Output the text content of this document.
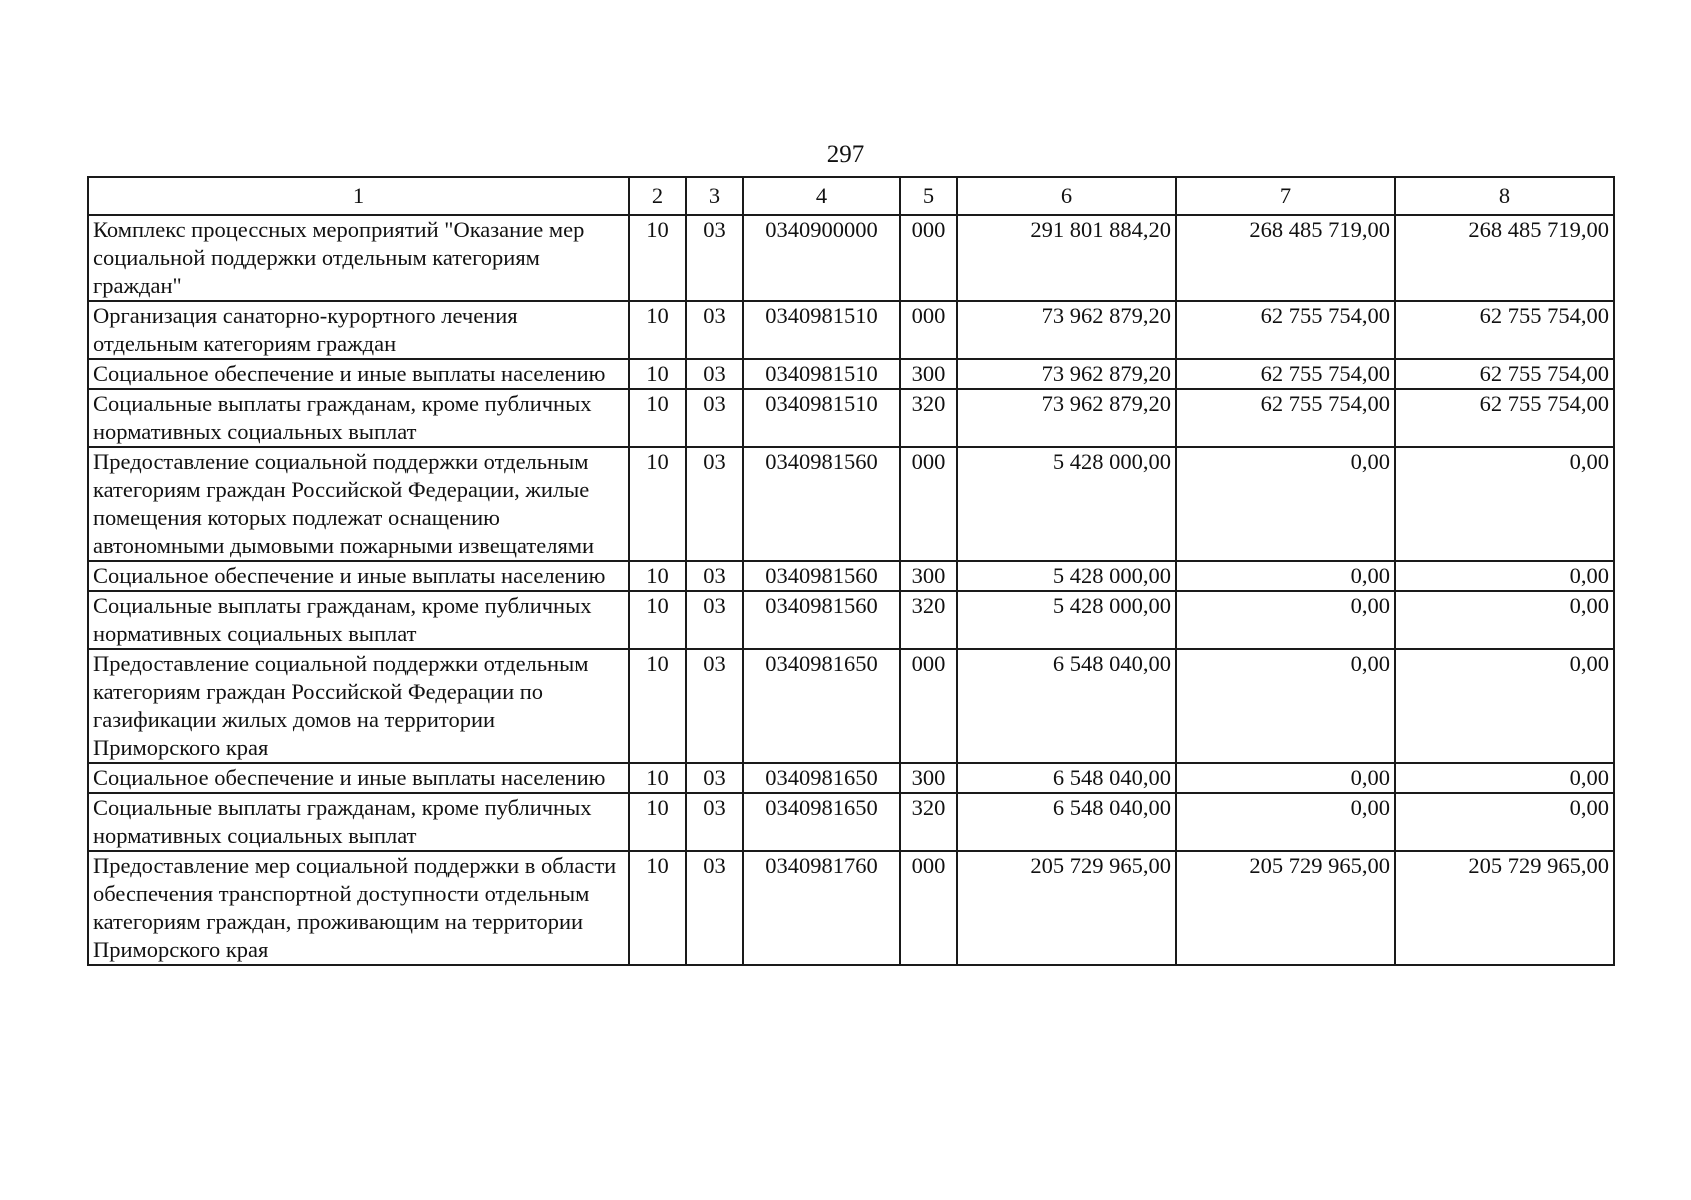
297
1	2	3	4	5	6	7	8
Комплекс процессных мероприятий "Оказание мер социальной поддержки отдельным категориям граждан"	10	03	0340900000	000	291 801 884,20	268 485 719,00	268 485 719,00
Организация санаторно-курортного лечения отдельным категориям граждан	10	03	0340981510	000	73 962 879,20	62 755 754,00	62 755 754,00
Социальное обеспечение и иные выплаты населению	10	03	0340981510	300	73 962 879,20	62 755 754,00	62 755 754,00
Социальные выплаты гражданам, кроме публичных нормативных социальных выплат	10	03	0340981510	320	73 962 879,20	62 755 754,00	62 755 754,00
Предоставление социальной поддержки отдельным категориям граждан Российской Федерации, жилые помещения которых подлежат оснащению автономными дымовыми пожарными извещателями	10	03	0340981560	000	5 428 000,00	0,00	0,00
Социальное обеспечение и иные выплаты населению	10	03	0340981560	300	5 428 000,00	0,00	0,00
Социальные выплаты гражданам, кроме публичных нормативных социальных выплат	10	03	0340981560	320	5 428 000,00	0,00	0,00
Предоставление социальной поддержки отдельным категориям граждан Российской Федерации по газификации жилых домов на территории Приморского края	10	03	0340981650	000	6 548 040,00	0,00	0,00
Социальное обеспечение и иные выплаты населению	10	03	0340981650	300	6 548 040,00	0,00	0,00
Социальные выплаты гражданам, кроме публичных нормативных социальных выплат	10	03	0340981650	320	6 548 040,00	0,00	0,00
Предоставление мер социальной поддержки в области обеспечения транспортной доступности отдельным категориям граждан, проживающим на территории Приморского края	10	03	0340981760	000	205 729 965,00	205 729 965,00	205 729 965,00
